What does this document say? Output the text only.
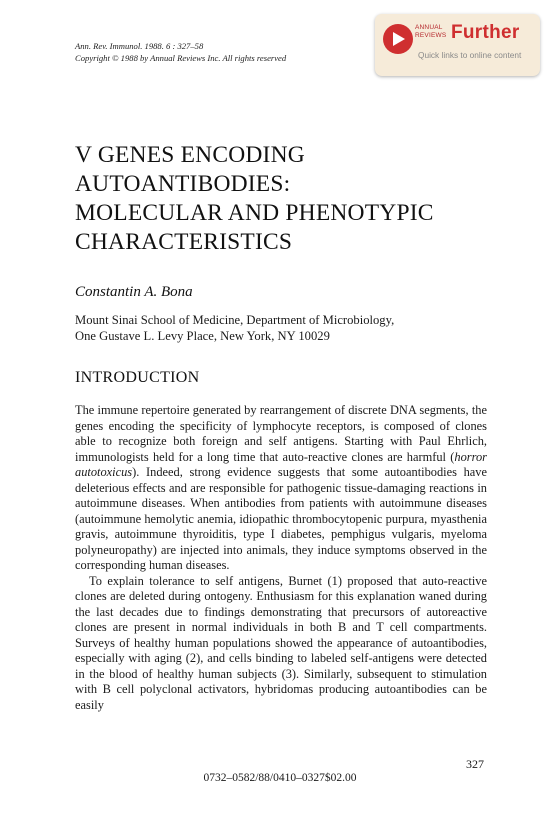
Ann. Rev. Immunol. 1988. 6 : 327–58
Copyright © 1988 by Annual Reviews Inc. All rights reserved
ANNUAL
REVIEWS Further
Quick links to online content
V GENES ENCODING
AUTOANTIBODIES:
MOLECULAR AND PHENOTYPIC
CHARACTERISTICS
Constantin A. Bona
Mount Sinai School of Medicine, Department of Microbiology,
One Gustave L. Levy Place, New York, NY 10029
INTRODUCTION

The immune repertoire generated by rearrangement of discrete DNA segments, the genes encoding the specificity of lymphocyte receptors, is composed of clones able to recognize both foreign and self antigens. Starting with Paul Ehrlich, immunologists held for a long time that auto-reactive clones are harmful (horror autotoxicus). Indeed, strong evidence suggests that some autoantibodies have deleterious effects and are responsible for pathogenic tissue-damaging reactions in autoimmune diseases. When antibodies from patients with autoimmune diseases (autoimmune hemolytic anemia, idiopathic thrombocytopenic purpura, myasthenia gravis, autoimmune thyroiditis, type I diabetes, pemphigus vulgaris, myeloma polyneuropathy) are injected into animals, they induce symptoms observed in the corresponding human diseases.

To explain tolerance to self antigens, Burnet (1) proposed that auto-reactive clones are deleted during ontogeny. Enthusiasm for this explanation waned during the last decades due to findings demonstrating that precursors of autoreactive clones are present in normal individuals in both B and T cell compartments. Surveys of healthy human populations showed the appearance of autoantibodies, especially with aging (2), and cells binding to labeled self-antigens were detected in the blood of healthy human subjects (3). Similarly, subsequent to stimulation with B cell polyclonal activators, hybridomas producing autoantibodies can be easily

327
0732–0582/88/0410–0327$02.00
